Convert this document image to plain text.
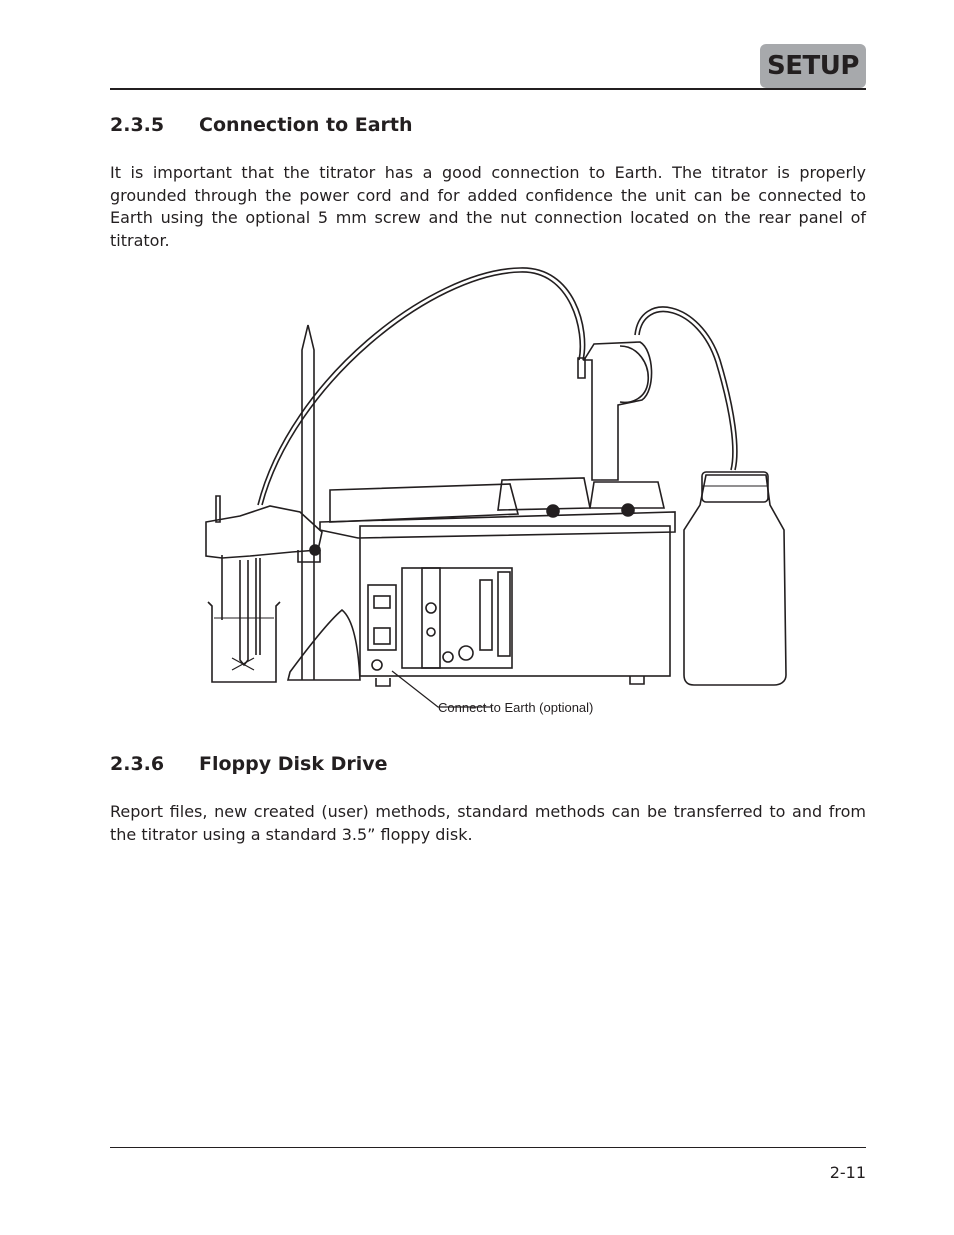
SETUP
2.3.5 Connection to Earth

It is important that the titrator has a good connection to Earth. The titrator is properly grounded through the power cord and for added confidence the unit can be connected to Earth using the optional 5 mm screw and the nut connection located on the rear panel of titrator.

Connect to Earth (optional)
2.3.6 Floppy Disk Drive

Report files, new created (user) methods, standard methods can be transferred to and from the titrator using a standard 3.5” floppy disk.

2-11
